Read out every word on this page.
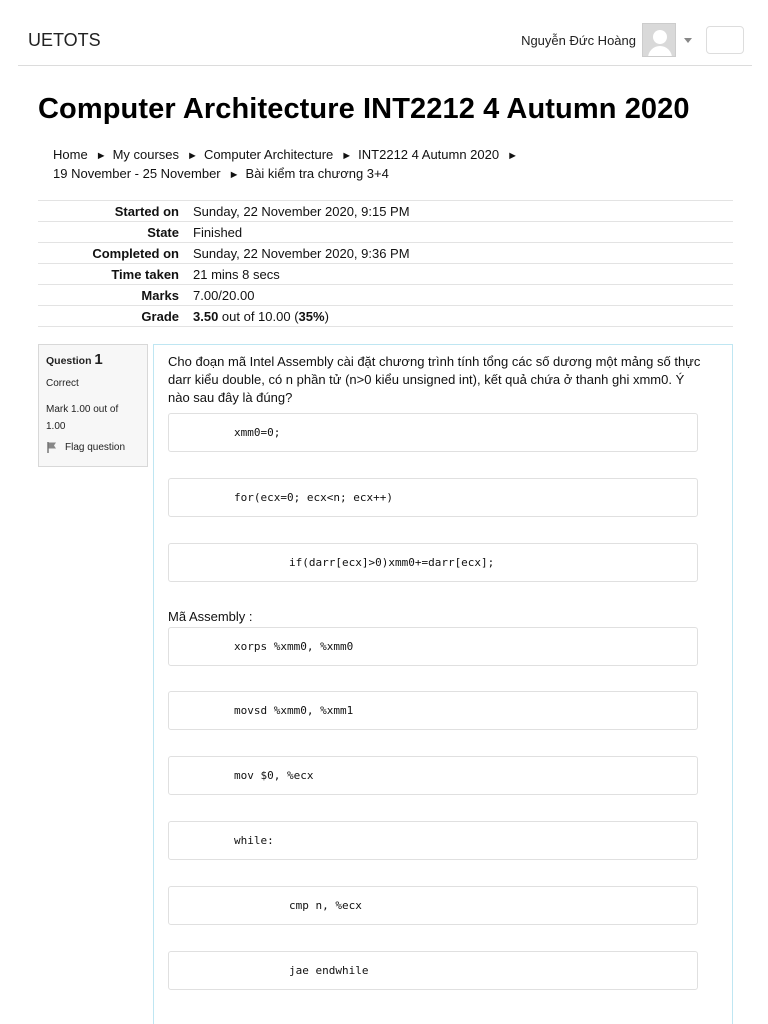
UETOTS	Nguyễn Đức Hoàng
Computer Architecture INT2212 4 Autumn 2020
Home ► My courses ► Computer Architecture ► INT2212 4 Autumn 2020 ►
19 November - 25 November ► Bài kiểm tra chương 3+4
Started on	Sunday, 22 November 2020, 9:15 PM
State	Finished
Completed on	Sunday, 22 November 2020, 9:36 PM
Time taken	21 mins 8 secs
Marks	7.00/20.00
Grade	3.50 out of 10.00 (35%)
Question 1
Correct
Mark 1.00 out of 1.00
Flag question
Cho đoạn mã Intel Assembly cài đặt chương trình tính tổng các số dương một mảng số thực darr kiểu double, có n phần tử (n>0 kiểu unsigned int), kết quả chứa ở thanh ghi xmm0. Ý nào sau đây là đúng?
xmm0=0;
for(ecx=0; ecx<n; ecx++)
if(darr[ecx]>0)xmm0+=darr[ecx];
Mã Assembly :
xorps %xmm0, %xmm0
movsd %xmm0, %xmm1
mov $0, %ecx
while:
cmp n, %ecx
jae endwhile
